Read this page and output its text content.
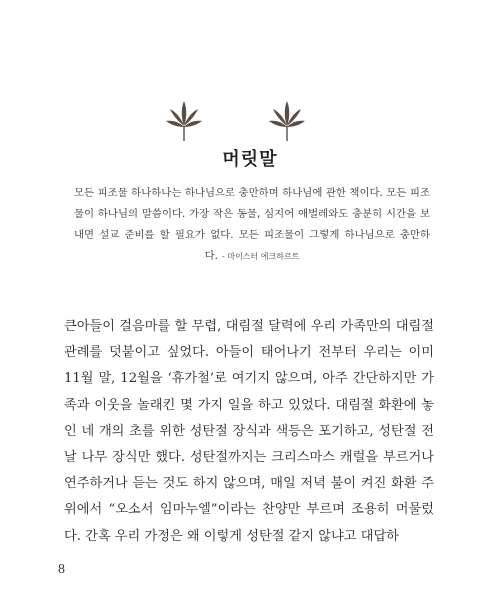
머릿말

모든 피조물 하나하나는 하나님으로 충만하며 하나님에 관한 책이다. 모든 피조물이 하나님의 말씀이다. 가장 작은 동물, 심지어 애벌레와도 충분히 시간을 보내면 설교 준비를 할 필요가 없다. 모든 피조물이 그렇게 하나님으로 충만하다. - 마이스터 에크하르트

큰아들이 걸음마를 할 무렵, 대림절 달력에 우리 가족만의 대림절 관례를 덧붙이고 싶었다. 아들이 태어나기 전부터 우리는 이미 11월 말, 12월을 ‘휴가철’로 여기지 않으며, 아주 간단하지만 가족과 이웃을 놀래킨 몇 가지 일을 하고 있었다. 대림절 화환에 놓인 네 개의 초를 위한 성탄절 장식과 색등은 포기하고, 성탄절 전날 나무 장식만 했다. 성탄절까지는 크리스마스 캐럴을 부르거나 연주하거나 듣는 것도 하지 않으며, 매일 저녁 불이 켜진 화환 주위에서 “오소서 임마누엘”이라는 찬양만 부르며 조용히 머물렀다. 간혹 우리 가정은 왜 이렇게 성탄절 같지 않냐고 대답하

8
